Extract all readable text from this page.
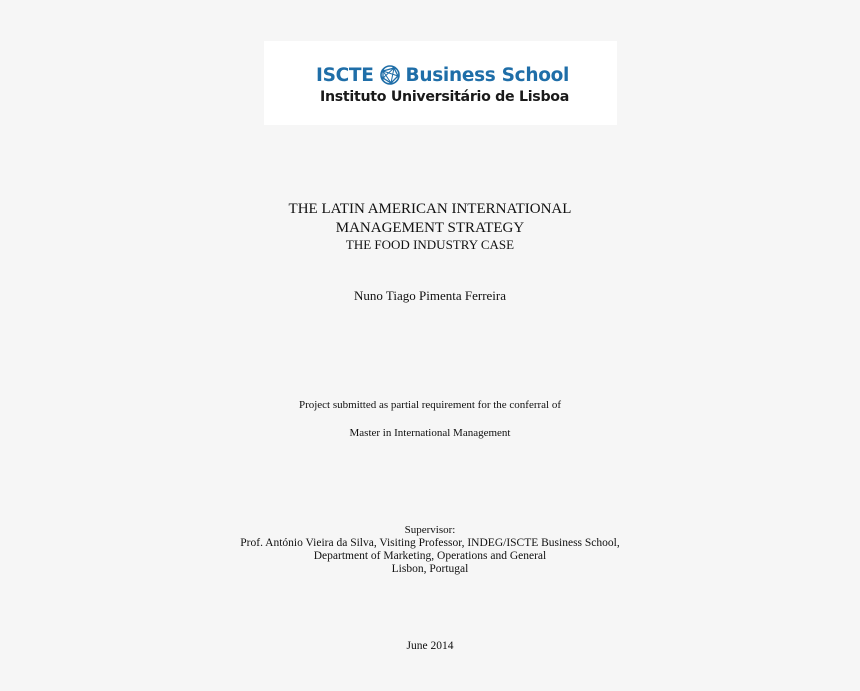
ISCTE Business School
Instituto Universitário de Lisboa
THE LATIN AMERICAN INTERNATIONAL
MANAGEMENT STRATEGY
THE FOOD INDUSTRY CASE
Nuno Tiago Pimenta Ferreira
Project submitted as partial requirement for the conferral of
Master in International Management
Supervisor:
Prof. António Vieira da Silva, Visiting Professor, INDEG/ISCTE Business School,
Department of Marketing, Operations and General
Lisbon, Portugal
June 2014
